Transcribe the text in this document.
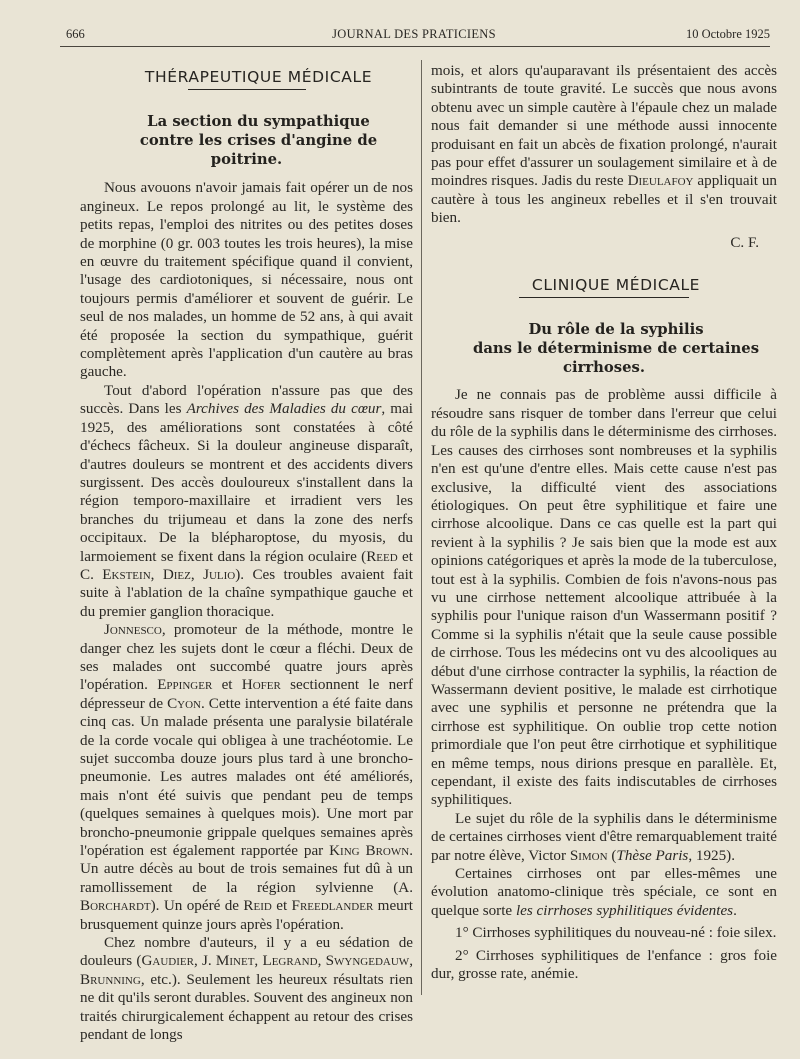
666	JOURNAL DES PRATICIENS	10 Octobre 1925

THÉRAPEUTIQUE MÉDICALE

La section du sympathique

contre les crises d'angine de poitrine.

Nous avouons n'avoir jamais fait opérer un de nos angineux. Le repos prolongé au lit, le système des petits repas, l'emploi des nitrites ou des petites doses de morphine (0 gr. 003 toutes les trois heures), la mise en œuvre du traitement spécifique quand il convient, l'usage des cardiotoniques, si nécessaire, nous ont toujours permis d'améliorer et souvent de guérir. Le seul de nos malades, un homme de 52 ans, à qui avait été proposée la section du sympathique, guérit complètement après l'application d'un cautère au bras gauche.

Tout d'abord l'opération n'assure pas que des succès. Dans les Archives des Maladies du cœur, mai 1925, des améliorations sont constatées à côté d'échecs fâcheux. Si la douleur angineuse disparaît, d'autres douleurs se montrent et des accidents divers surgissent. Des accès douloureux s'installent dans la région temporo-maxillaire et irradient vers les branches du trijumeau et dans la zone des nerfs occipitaux. De la blépharoptose, du myosis, du larmoiement se fixent dans la région oculaire (Reed et C. Ekstein, Diez, Julio). Ces troubles avaient fait suite à l'ablation de la chaîne sympathique gauche et du premier ganglion thoracique.

Jonnesco, promoteur de la méthode, montre le danger chez les sujets dont le cœur a fléchi. Deux de ses malades ont succombé quatre jours après l'opération. Eppinger et Hofer sectionnent le nerf dépresseur de Cyon. Cette intervention a été faite dans cinq cas. Un malade présenta une paralysie bilatérale de la corde vocale qui obligea à une trachéotomie. Le sujet succomba douze jours plus tard à une broncho-pneumonie. Les autres malades ont été améliorés, mais n'ont été suivis que pendant peu de temps (quelques semaines à quelques mois). Une mort par broncho-pneumonie grippale quelques semaines après l'opération est également rapportée par King Brown. Un autre décès au bout de trois semaines fut dû à un ramollissement de la région sylvienne (A. Borchardt). Un opéré de Reid et Freedlander meurt brusquement quinze jours après l'opération.

Chez nombre d'auteurs, il y a eu sédation de douleurs (Gaudier, J. Minet, Legrand, Swyngedauw, Brunning, etc.). Seulement les heureux résultats rien ne dit qu'ils seront durables. Souvent des angineux non traités chirurgicalement échappent au retour des crises pendant de longs

mois, et alors qu'auparavant ils présentaient des accès subintrants de toute gravité. Le succès que nous avons obtenu avec un simple cautère à l'épaule chez un malade nous fait demander si une méthode aussi innocente produisant en fait un abcès de fixation prolongé, n'aurait pas pour effet d'assurer un soulagement similaire et à de moindres risques. Jadis du reste Dieulafoy appliquait un cautère à tous les angineux rebelles et il s'en trouvait bien.

C. F.

CLINIQUE MÉDICALE

Du rôle de la syphilis

dans le déterminisme de certaines cirrhoses.

Je ne connais pas de problème aussi difficile à résoudre sans risquer de tomber dans l'erreur que celui du rôle de la syphilis dans le déterminisme des cirrhoses. Les causes des cirrhoses sont nombreuses et la syphilis n'en est qu'une d'entre elles. Mais cette cause n'est pas exclusive, la difficulté vient des associations étiologiques. On peut être syphilitique et faire une cirrhose alcoolique. Dans ce cas quelle est la part qui revient à la syphilis ? Je sais bien que la mode est aux opinions catégoriques et après la mode de la tuberculose, tout est à la syphilis. Combien de fois n'avons-nous pas vu une cirrhose nettement alcoolique attribuée à la syphilis pour l'unique raison d'un Wassermann positif ? Comme si la syphilis n'était que la seule cause possible de cirrhose. Tous les médecins ont vu des alcooliques au début d'une cirrhose contracter la syphilis, la réaction de Wassermann devient positive, le malade est cirrhotique avec une syphilis et personne ne prétendra que la cirrhose est syphilitique. On oublie trop cette notion primordiale que l'on peut être cirrhotique et syphilitique en même temps, nous dirions presque en parallèle. Et, cependant, il existe des faits indiscutables de cirrhoses syphilitiques.

Le sujet du rôle de la syphilis dans le déterminisme de certaines cirrhoses vient d'être remarquablement traité par notre élève, Victor Simon (Thèse Paris, 1925).

Certaines cirrhoses ont par elles-mêmes une évolution anatomo-clinique très spéciale, ce sont en quelque sorte les cirrhoses syphilitiques évidentes.

1° Cirrhoses syphilitiques du nouveau-né : foie silex.

2° Cirrhoses syphilitiques de l'enfance : gros foie dur, grosse rate, anémie.
